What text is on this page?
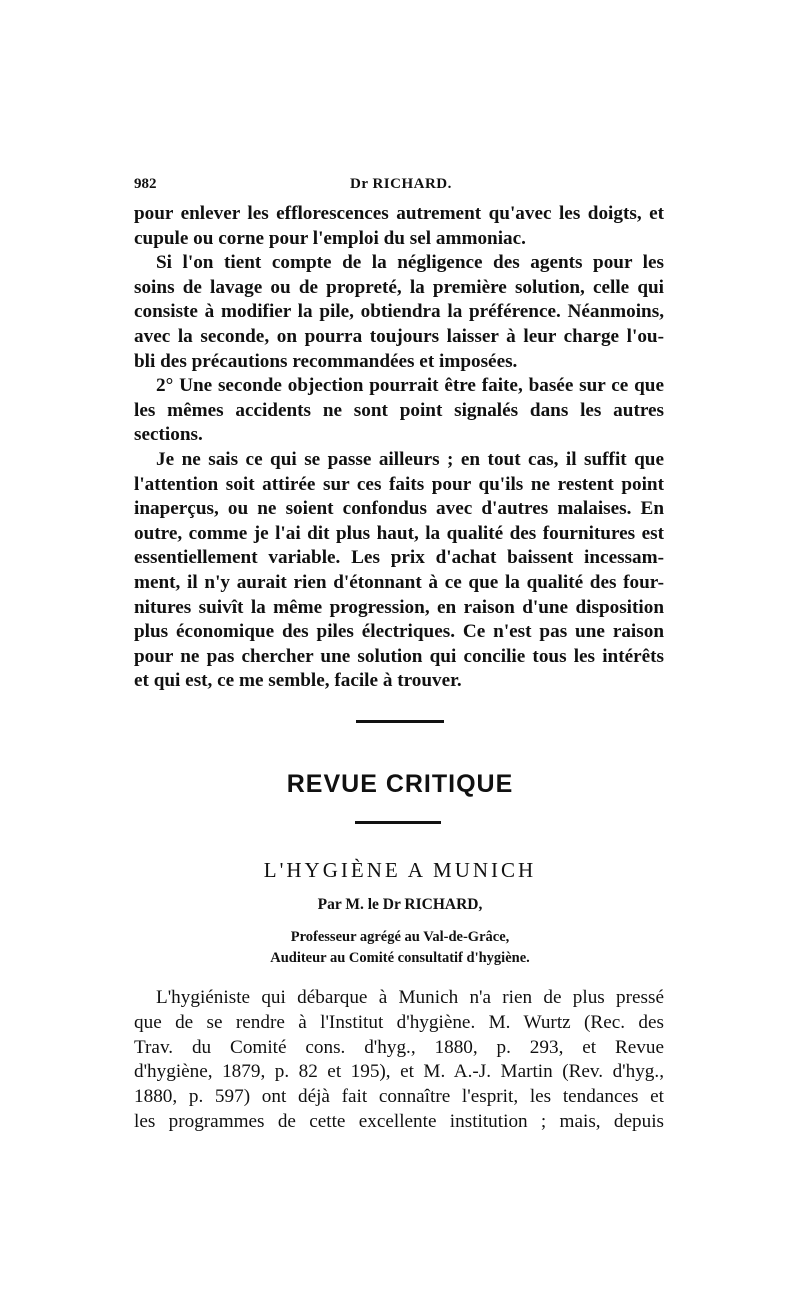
982	Dr RICHARD.
pour enlever les efflorescences autrement qu'avec les doigts, et
cupule ou corne pour l'emploi du sel ammoniac.
Si l'on tient compte de la négligence des agents pour les
soins de lavage ou de propreté, la première solution, celle qui
consiste à modifier la pile, obtiendra la préférence. Néanmoins,
avec la seconde, on pourra toujours laisser à leur charge l'ou-
bli des précautions recommandées et imposées.
2° Une seconde objection pourrait être faite, basée sur ce que
les mêmes accidents ne sont point signalés dans les autres
sections.
Je ne sais ce qui se passe ailleurs ; en tout cas, il suffit que
l'attention soit attirée sur ces faits pour qu'ils ne restent point
inaperçus, ou ne soient confondus avec d'autres malaises. En
outre, comme je l'ai dit plus haut, la qualité des fournitures est
essentiellement variable. Les prix d'achat baissent incessam-
ment, il n'y aurait rien d'étonnant à ce que la qualité des four-
nitures suivît la même progression, en raison d'une disposition
plus économique des piles électriques. Ce n'est pas une raison
pour ne pas chercher une solution qui concilie tous les intérêts
et qui est, ce me semble, facile à trouver.
REVUE CRITIQUE
L'HYGIÈNE A MUNICH
Par M. le Dr RICHARD,
Professeur agrégé au Val-de-Grâce,
Auditeur au Comité consultatif d'hygiène.
L'hygiéniste qui débarque à Munich n'a rien de plus pressé
que de se rendre à l'Institut d'hygiène. M. Wurtz (Rec. des
Trav. du Comité cons. d'hyg., 1880, p. 293, et Revue
d'hygiène, 1879, p. 82 et 195), et M. A.-J. Martin (Rev. d'hyg.,
1880, p. 597) ont déjà fait connaître l'esprit, les tendances et
les programmes de cette excellente institution ; mais, depuis
